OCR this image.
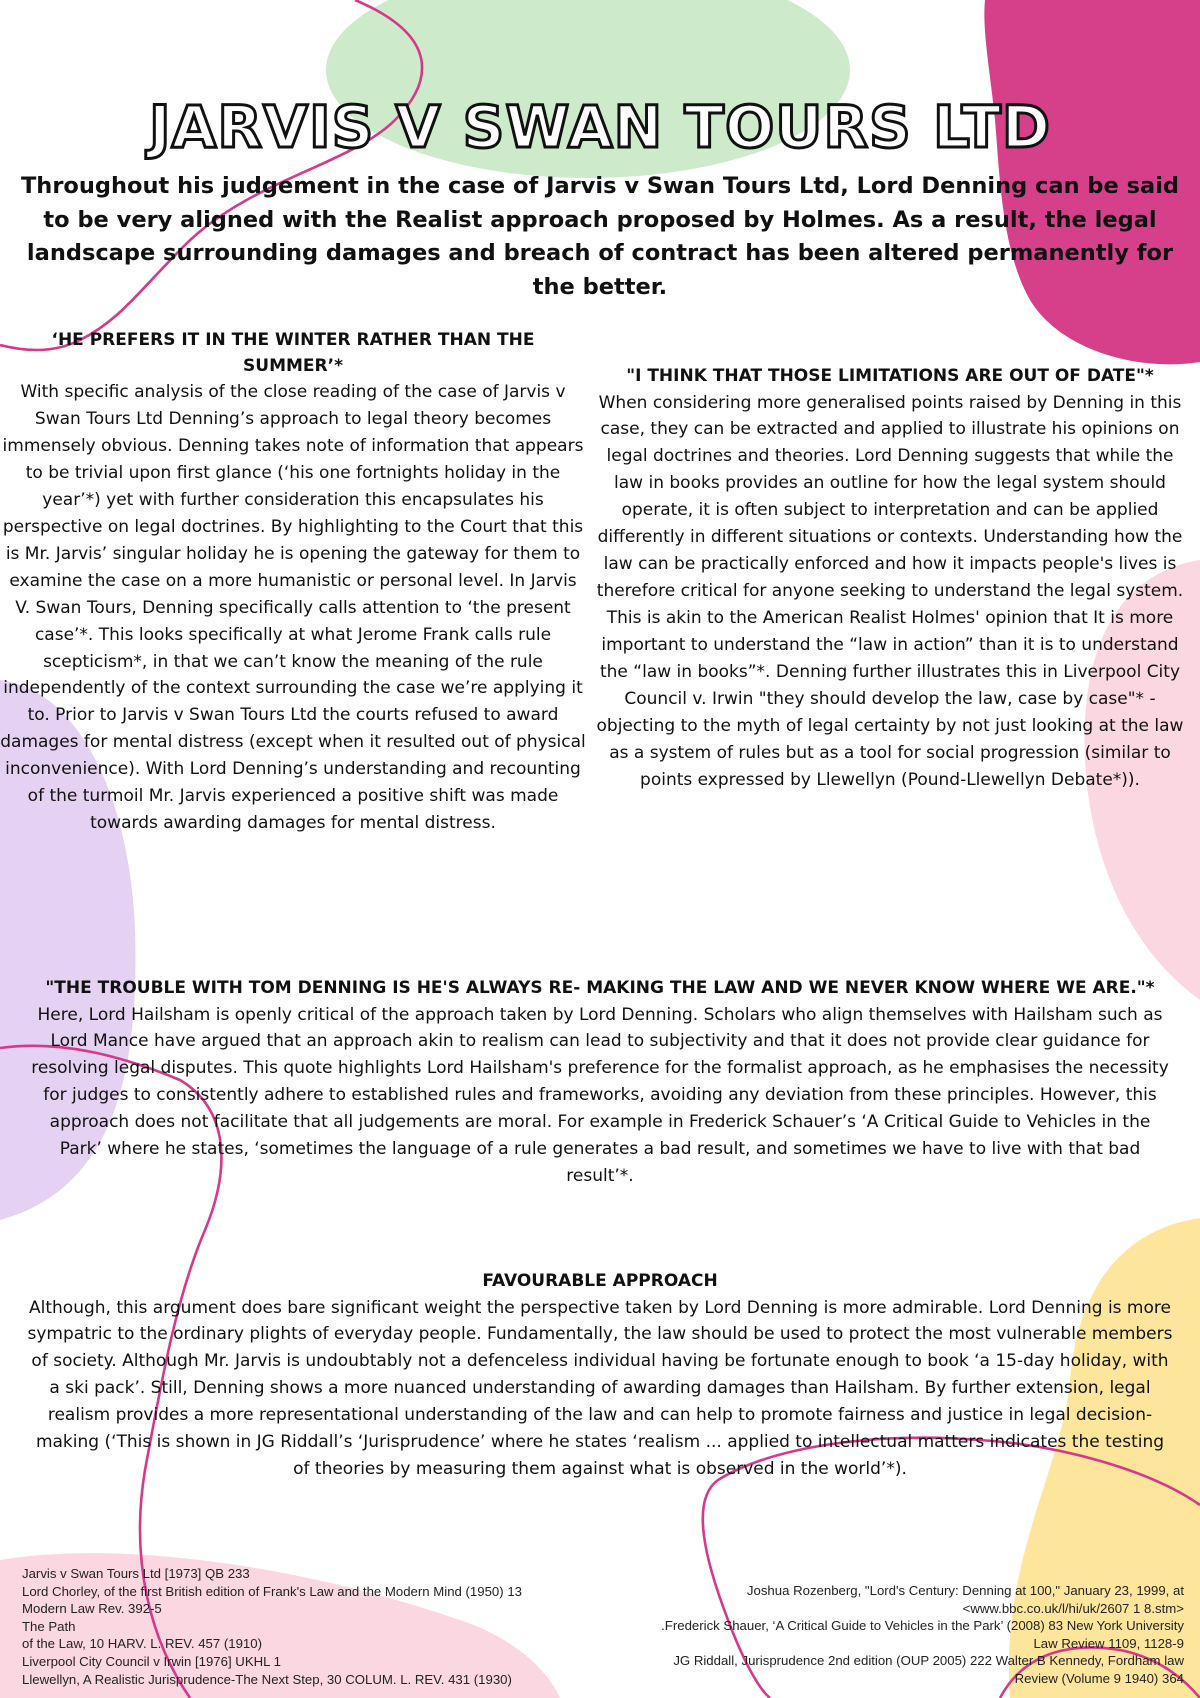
JARVIS V SWAN TOURS LTD

Throughout his judgement in the case of Jarvis v Swan Tours Ltd, Lord Denning can be said to be very aligned with the Realist approach proposed by Holmes. As a result, the legal landscape surrounding damages and breach of contract has been altered permanently for the better.

‘HE PREFERS IT IN THE WINTER RATHER THAN THE SUMMER’*

With specific analysis of the close reading of the case of Jarvis v Swan Tours Ltd Denning’s approach to legal theory becomes immensely obvious. Denning takes note of information that appears to be trivial upon first glance (‘his one fortnights holiday in the year’*) yet with further consideration this encapsulates his perspective on legal doctrines. By highlighting to the Court that this is Mr. Jarvis’ singular holiday he is opening the gateway for them to examine the case on a more humanistic or personal level. In Jarvis V. Swan Tours, Denning specifically calls attention to ‘the present case’*. This looks specifically at what Jerome Frank calls rule scepticism*, in that we can’t know the meaning of the rule independently of the context surrounding the case we’re applying it to. Prior to Jarvis v Swan Tours Ltd the courts refused to award damages for mental distress (except when it resulted out of physical inconvenience). With Lord Denning’s understanding and recounting of the turmoil Mr. Jarvis experienced a positive shift was made towards awarding damages for mental distress.

"I THINK THAT THOSE LIMITATIONS ARE OUT OF DATE"*

When considering more generalised points raised by Denning in this case, they can be extracted and applied to illustrate his opinions on legal doctrines and theories. Lord Denning suggests that while the law in books provides an outline for how the legal system should operate, it is often subject to interpretation and can be applied differently in different situations or contexts. Understanding how the law can be practically enforced and how it impacts people's lives is therefore critical for anyone seeking to understand the legal system. This is akin to the American Realist Holmes' opinion that It is more important to understand the “law in action” than it is to understand the “law in books”*. Denning further illustrates this in Liverpool City Council v. Irwin "they should develop the law, case by case"* - objecting to the myth of legal certainty by not just looking at the law as a system of rules but as a tool for social progression (similar to points expressed by Llewellyn (Pound-Llewellyn Debate*)).

"THE TROUBLE WITH TOM DENNING IS HE'S ALWAYS RE- MAKING THE LAW AND WE NEVER KNOW WHERE WE ARE."*

Here, Lord Hailsham is openly critical of the approach taken by Lord Denning. Scholars who align themselves with Hailsham such as Lord Mance have argued that an approach akin to realism can lead to subjectivity and that it does not provide clear guidance for resolving legal disputes. This quote highlights Lord Hailsham's preference for the formalist approach, as he emphasises the necessity for judges to consistently adhere to established rules and frameworks, avoiding any deviation from these principles. However, this approach does not facilitate that all judgements are moral. For example in Frederick Schauer’s ‘A Critical Guide to Vehicles in the Park’ where he states, ‘sometimes the language of a rule generates a bad result, and sometimes we have to live with that bad result’*.

FAVOURABLE APPROACH

Although, this argument does bare significant weight the perspective taken by Lord Denning is more admirable. Lord Denning is more sympatric to the ordinary plights of everyday people. Fundamentally, the law should be used to protect the most vulnerable members of society. Although Mr. Jarvis is undoubtably not a defenceless individual having be fortunate enough to book ‘a 15-day holiday, with a ski pack’. Still, Denning shows a more nuanced understanding of awarding damages than Hailsham. By further extension, legal realism provides a more representational understanding of the law and can help to promote fairness and justice in legal decision-making (‘This is shown in JG Riddall’s ‘Jurisprudence’ where he states ‘realism ... applied to intellectual matters indicates the testing of theories by measuring them against what is observed in the world’*).

Jarvis v Swan Tours Ltd [1973] QB 233
Lord Chorley, of the first British edition of Frank's Law and the Modern Mind (1950) 13 Modern Law Rev. 392-5
The Path
of the Law, 10 HARV. L. REV. 457 (1910)
Liverpool City Council v Irwin [1976] UKHL 1
Llewellyn, A Realistic Jurisprudence-The Next Step, 30 COLUM. L. REV. 431 (1930)
Joshua Rozenberg, "Lord's Century: Denning at 100," January 23, 1999, at <www.bbc.co.uk/l/hi/uk/2607 1 8.stm>
.Frederick Shauer, ‘A Critical Guide to Vehicles in the Park’ (2008) 83 New York University Law Review 1109, 1128-9
JG Riddall, Jurisprudence 2nd edition (OUP 2005) 222 Walter B Kennedy, Fordham law Review (Volume 9 1940) 364
